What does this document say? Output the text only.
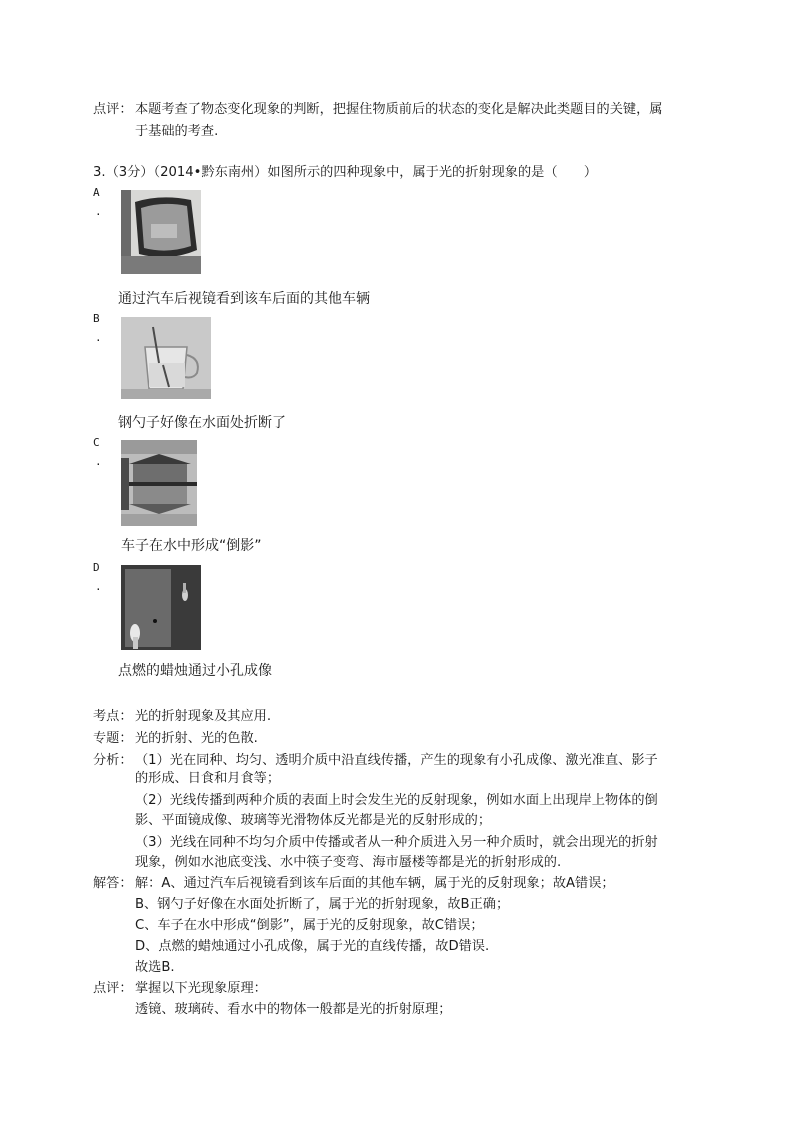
点评： 本题考查了物态变化现象的判断，把握住物质前后的状态的变化是解决此类题目的关键，属
于基础的考查.
3.（3分）（2014•黔东南州）如图所示的四种现象中，属于光的折射现象的是（　　）
A
.
通过汽车后视镜看到该车后面的其他车辆
B
.
钢勺子好像在水面处折断了
C
.
车子在水中形成“倒影”
D
.
点燃的蜡烛通过小孔成像
考点： 光的折射现象及其应用.
专题： 光的折射、光的色散.
分析： （1）光在同种、均匀、透明介质中沿直线传播，产生的现象有小孔成像、激光准直、影子
的形成、日食和月食等；
（2）光线传播到两种介质的表面上时会发生光的反射现象，例如水面上出现岸上物体的倒
影、平面镜成像、玻璃等光滑物体反光都是光的反射形成的；
（3）光线在同种不均匀介质中传播或者从一种介质进入另一种介质时，就会出现光的折射
现象，例如水池底变浅、水中筷子变弯、海市蜃楼等都是光的折射形成的.
解答： 解：A、通过汽车后视镜看到该车后面的其他车辆，属于光的反射现象；故A错误；
B、钢勺子好像在水面处折断了，属于光的折射现象，故B正确；
C、车子在水中形成“倒影”，属于光的反射现象，故C错误；
D、点燃的蜡烛通过小孔成像，属于光的直线传播，故D错误.
故选B.
点评： 掌握以下光现象原理：
透镜、玻璃砖、看水中的物体一般都是光的折射原理；
